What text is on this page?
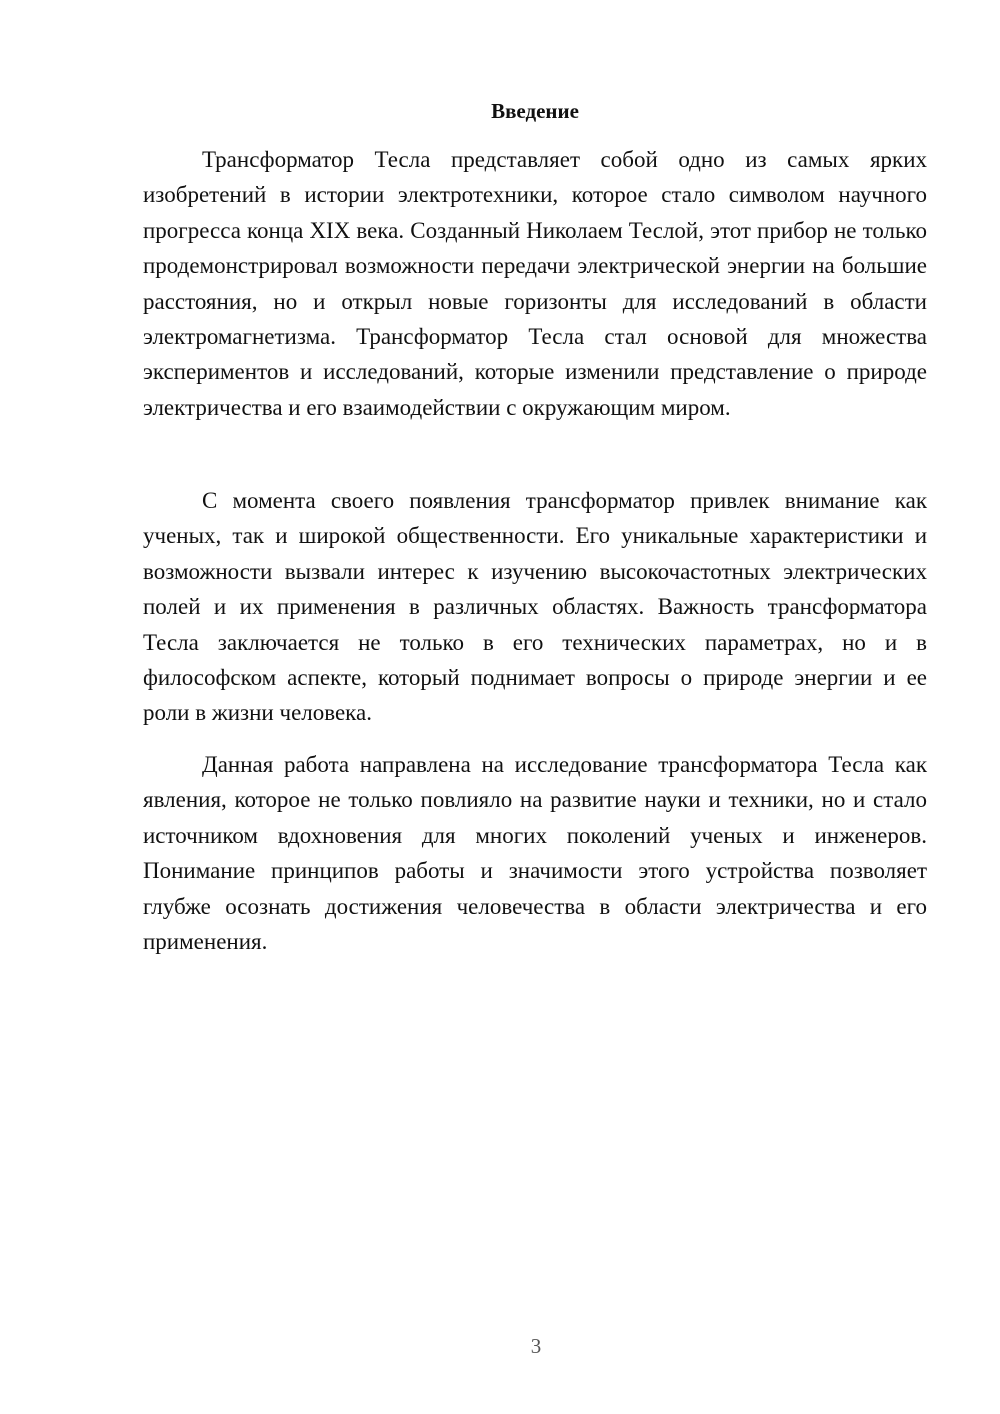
Введение

Трансформатор Тесла представляет собой одно из самых ярких изобретений в истории электротехники, которое стало символом научного прогресса конца XIX века. Созданный Николаем Теслой, этот прибор не только продемонстрировал возможности передачи электрической энергии на большие расстояния, но и открыл новые горизонты для исследований в области электромагнетизма. Трансформатор Тесла стал основой для множества экспериментов и исследований, которые изменили представление о природе электричества и его взаимодействии с окружающим миром.

С момента своего появления трансформатор привлек внимание как ученых, так и широкой общественности. Его уникальные характеристики и возможности вызвали интерес к изучению высокочастотных электрических полей и их применения в различных областях. Важность трансформатора Тесла заключается не только в его технических параметрах, но и в философском аспекте, который поднимает вопросы о природе энергии и ее роли в жизни человека.

Данная работа направлена на исследование трансформатора Тесла как явления, которое не только повлияло на развитие науки и техники, но и стало источником вдохновения для многих поколений ученых и инженеров. Понимание принципов работы и значимости этого устройства позволяет глубже осознать достижения человечества в области электричества и его применения.

3
